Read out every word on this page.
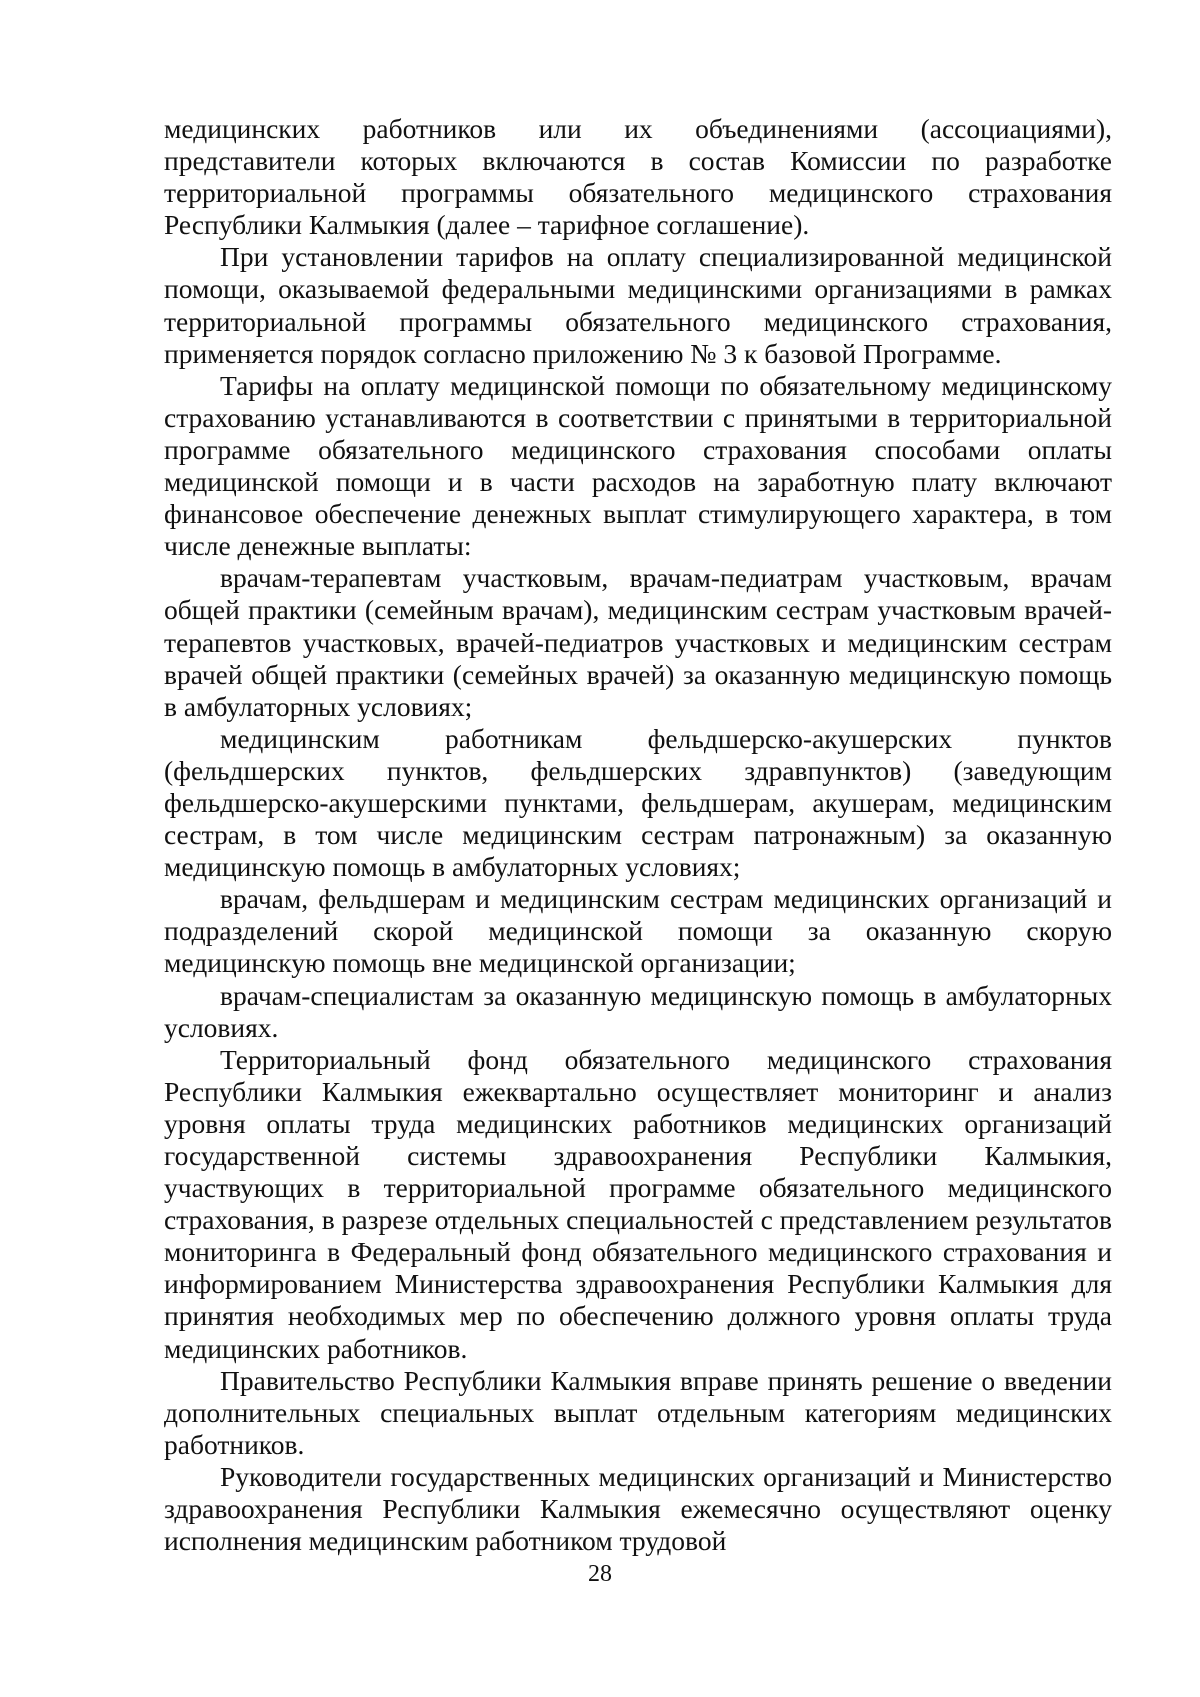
медицинских работников или их объединениями (ассоциациями), представители которых включаются в состав Комиссии по разработке территориальной программы обязательного медицинского страхования Республики Калмыкия (далее – тарифное соглашение).

При установлении тарифов на оплату специализированной медицинской помощи, оказываемой федеральными медицинскими организациями в рамках территориальной программы обязательного медицинского страхования, применяется порядок согласно приложению № 3 к базовой Программе.

Тарифы на оплату медицинской помощи по обязательному медицинскому страхованию устанавливаются в соответствии с принятыми в территориальной программе обязательного медицинского страхования способами оплаты медицинской помощи и в части расходов на заработную плату включают финансовое обеспечение денежных выплат стимулирующего характера, в том числе денежные выплаты:

врачам-терапевтам участковым, врачам-педиатрам участковым, врачам общей практики (семейным врачам), медицинским сестрам участковым врачей-терапевтов участковых, врачей-педиатров участковых и медицинским сестрам врачей общей практики (семейных врачей) за оказанную медицинскую помощь в амбулаторных условиях;

медицинским работникам фельдшерско-акушерских пунктов (фельдшерских пунктов, фельдшерских здравпунктов) (заведующим фельдшерско-акушерскими пунктами, фельдшерам, акушерам, медицинским сестрам, в том числе медицинским сестрам патронажным) за оказанную медицинскую помощь в амбулаторных условиях;

врачам, фельдшерам и медицинским сестрам медицинских организаций и подразделений скорой медицинской помощи за оказанную скорую медицинскую помощь вне медицинской организации;

врачам-специалистам за оказанную медицинскую помощь в амбулаторных условиях.

Территориальный фонд обязательного медицинского страхования Республики Калмыкия ежеквартально осуществляет мониторинг и анализ уровня оплаты труда медицинских работников медицинских организаций государственной системы здравоохранения Республики Калмыкия, участвующих в территориальной программе обязательного медицинского страхования, в разрезе отдельных специальностей с представлением результатов мониторинга в Федеральный фонд обязательного медицинского страхования и информированием Министерства здравоохранения Республики Калмыкия для принятия необходимых мер по обеспечению должного уровня оплаты труда медицинских работников.

Правительство Республики Калмыкия вправе принять решение о введении дополнительных специальных выплат отдельным категориям медицинских работников.

Руководители государственных медицинских организаций и Министерство здравоохранения Республики Калмыкия ежемесячно осуществляют оценку исполнения медицинским работником трудовой

28
